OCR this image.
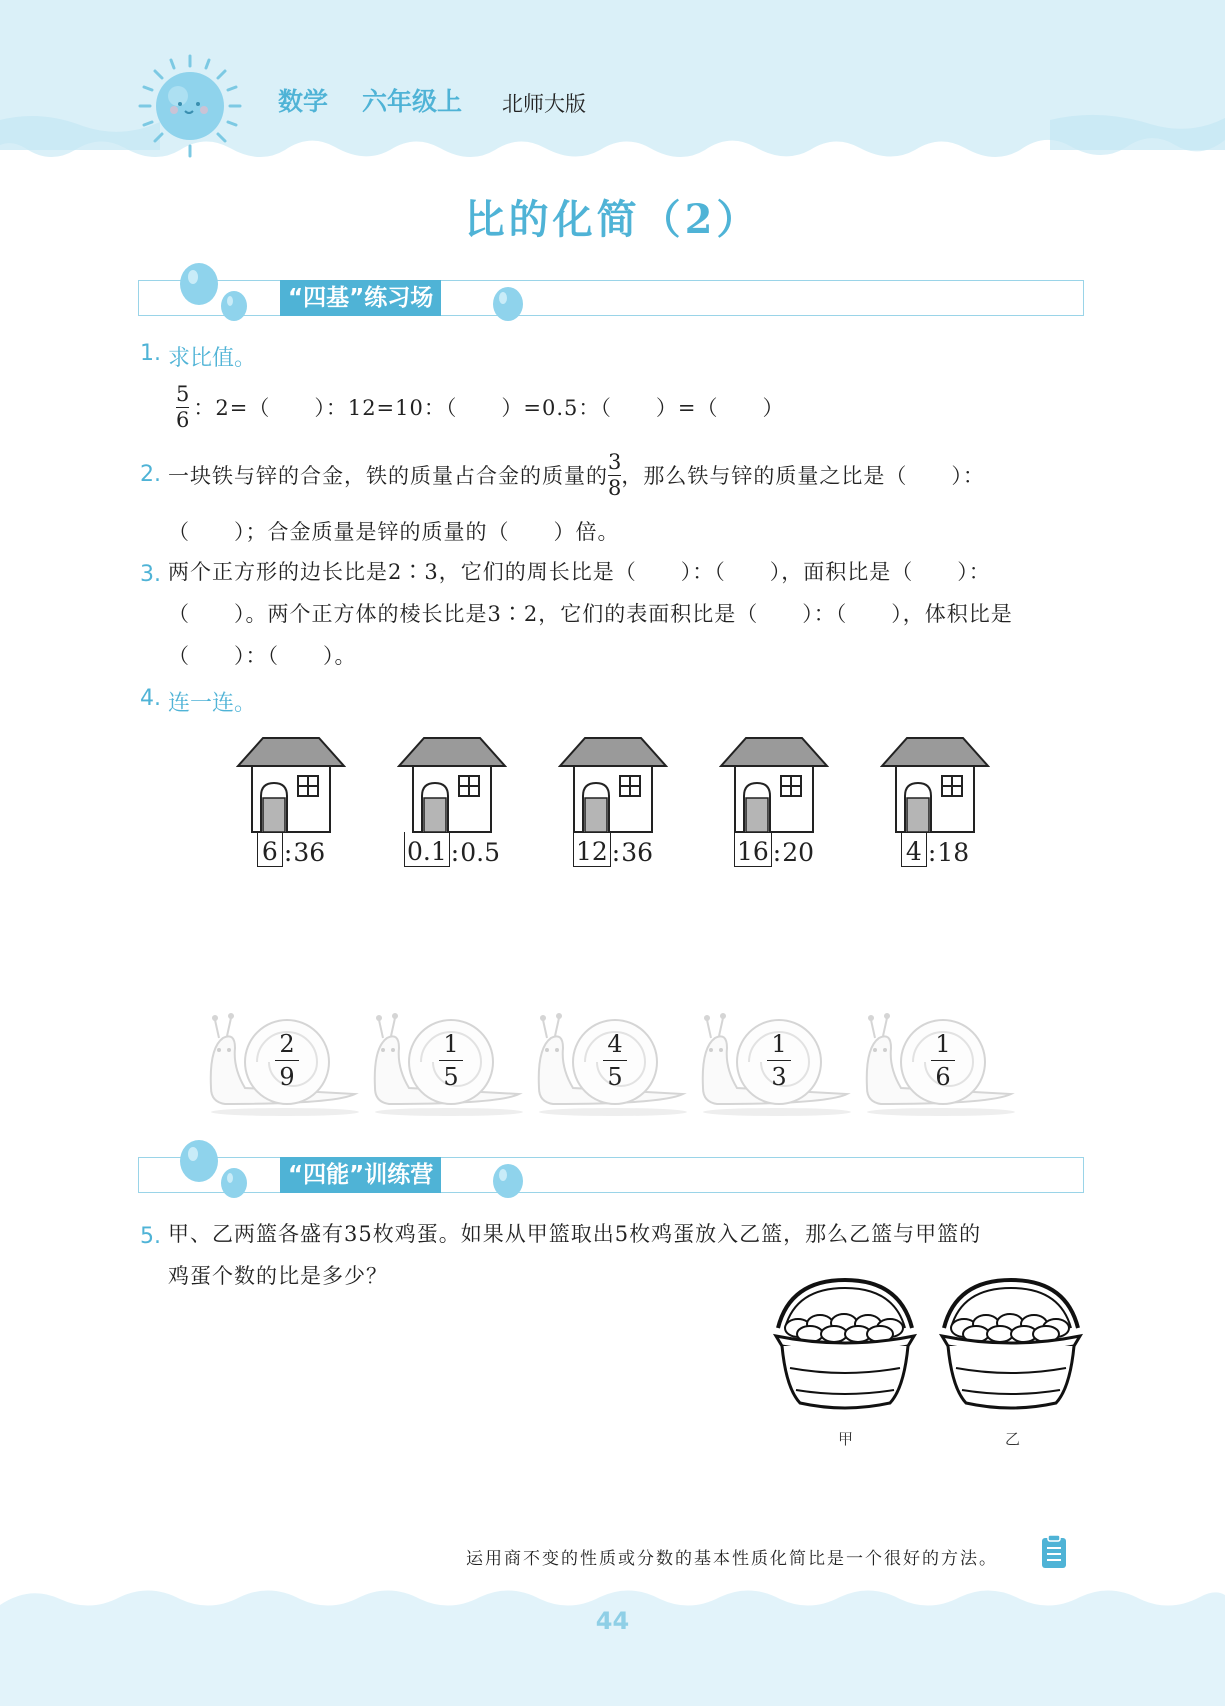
数学 六年级上 北师大版
比的化简（2）
“四基”练习场
1. 求比值。
$\frac{5}{6}$ ：2=（　　）：12=10：（　　）=0.5：（　　）=（　　）
2. 一块铁与锌的合金，铁的质量占合金的质量的 $\frac{3}{8}$ ，那么铁与锌的质量之比是（　　）：
（　　）；合金质量是锌的质量的（　　）倍。
3. 两个正方形的边长比是2∶3，它们的周长比是（　　）：（　　），面积比是（　　）：
（　　）。两个正方体的棱长比是3∶2，它们的表面积比是（　　）：（　　），体积比是
（　　）：（　　）。
4. 连一连。
6 : 36	0.1 : 0.5	12 : 36	16 : 20	4 : 18
2
9
1
5
4
5
1
3
1
6
“四能”训练营
5. 甲、乙两篮各盛有35枚鸡蛋。如果从甲篮取出5枚鸡蛋放入乙篮，那么乙篮与甲篮的
鸡蛋个数的比是多少？
甲	乙
运用商不变的性质或分数的基本性质化简比是一个很好的方法。
44
